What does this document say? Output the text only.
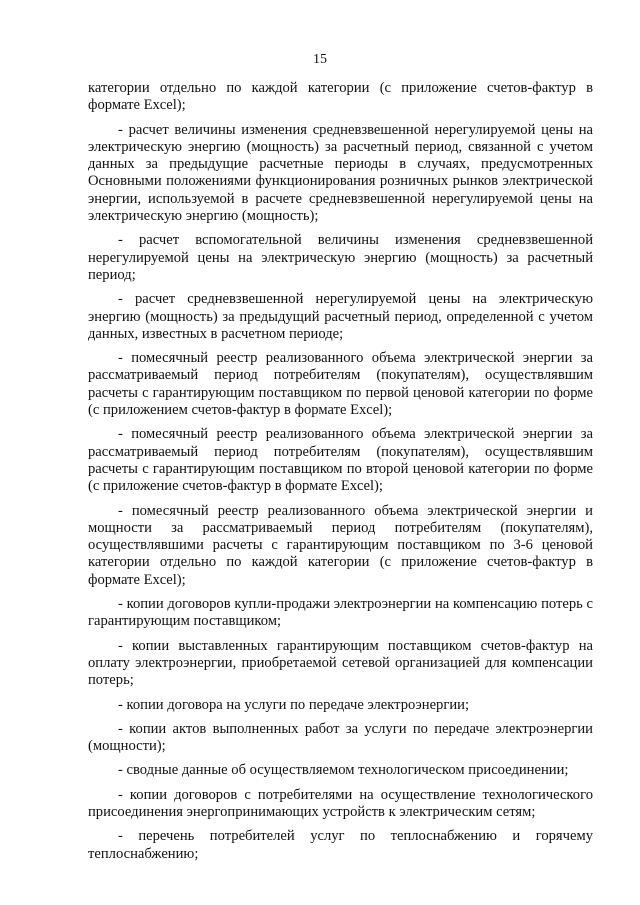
15

категории отдельно по каждой категории (с приложение счетов-фактур в формате Excel);

- расчет величины изменения средневзвешенной нерегулируемой цены на электрическую энергию (мощность) за расчетный период, связанной с учетом данных за предыдущие расчетные периоды в случаях, предусмотренных Основными положениями функционирования розничных рынков электрической энергии, используемой в расчете средневзвешенной нерегулируемой цены на электрическую энергию (мощность);

- расчет вспомогательной величины изменения средневзвешенной нерегулируемой цены на электрическую энергию (мощность) за расчетный период;

- расчет средневзвешенной нерегулируемой цены на электрическую энергию (мощность) за предыдущий расчетный период, определенной с учетом данных, известных в расчетном периоде;

- помесячный реестр реализованного объема электрической энергии за рассматриваемый период потребителям (покупателям), осуществлявшим расчеты с гарантирующим поставщиком по первой ценовой категории по форме (с приложением счетов-фактур в формате Excel);

- помесячный реестр реализованного объема электрической энергии за рассматриваемый период потребителям (покупателям), осуществлявшим расчеты с гарантирующим поставщиком по второй ценовой категории по форме (с приложение счетов-фактур в формате Excel);

- помесячный реестр реализованного объема электрической энергии и мощности за рассматриваемый период потребителям (покупателям), осуществлявшими расчеты с гарантирующим поставщиком по 3-6 ценовой категории отдельно по каждой категории (с приложение счетов-фактур в формате Excel);

- копии договоров купли-продажи электроэнергии на компенсацию потерь с гарантирующим поставщиком;

- копии выставленных гарантирующим поставщиком счетов-фактур на оплату электроэнергии, приобретаемой сетевой организацией для компенсации потерь;

- копии договора на услуги по передаче электроэнергии;

- копии актов выполненных работ за услуги по передаче электроэнергии (мощности);

- сводные данные об осуществляемом технологическом присоединении;

- копии договоров с потребителями на осуществление технологического присоединения энергопринимающих устройств к электрическим сетям;

- перечень потребителей услуг по теплоснабжению и горячему теплоснабжению;
